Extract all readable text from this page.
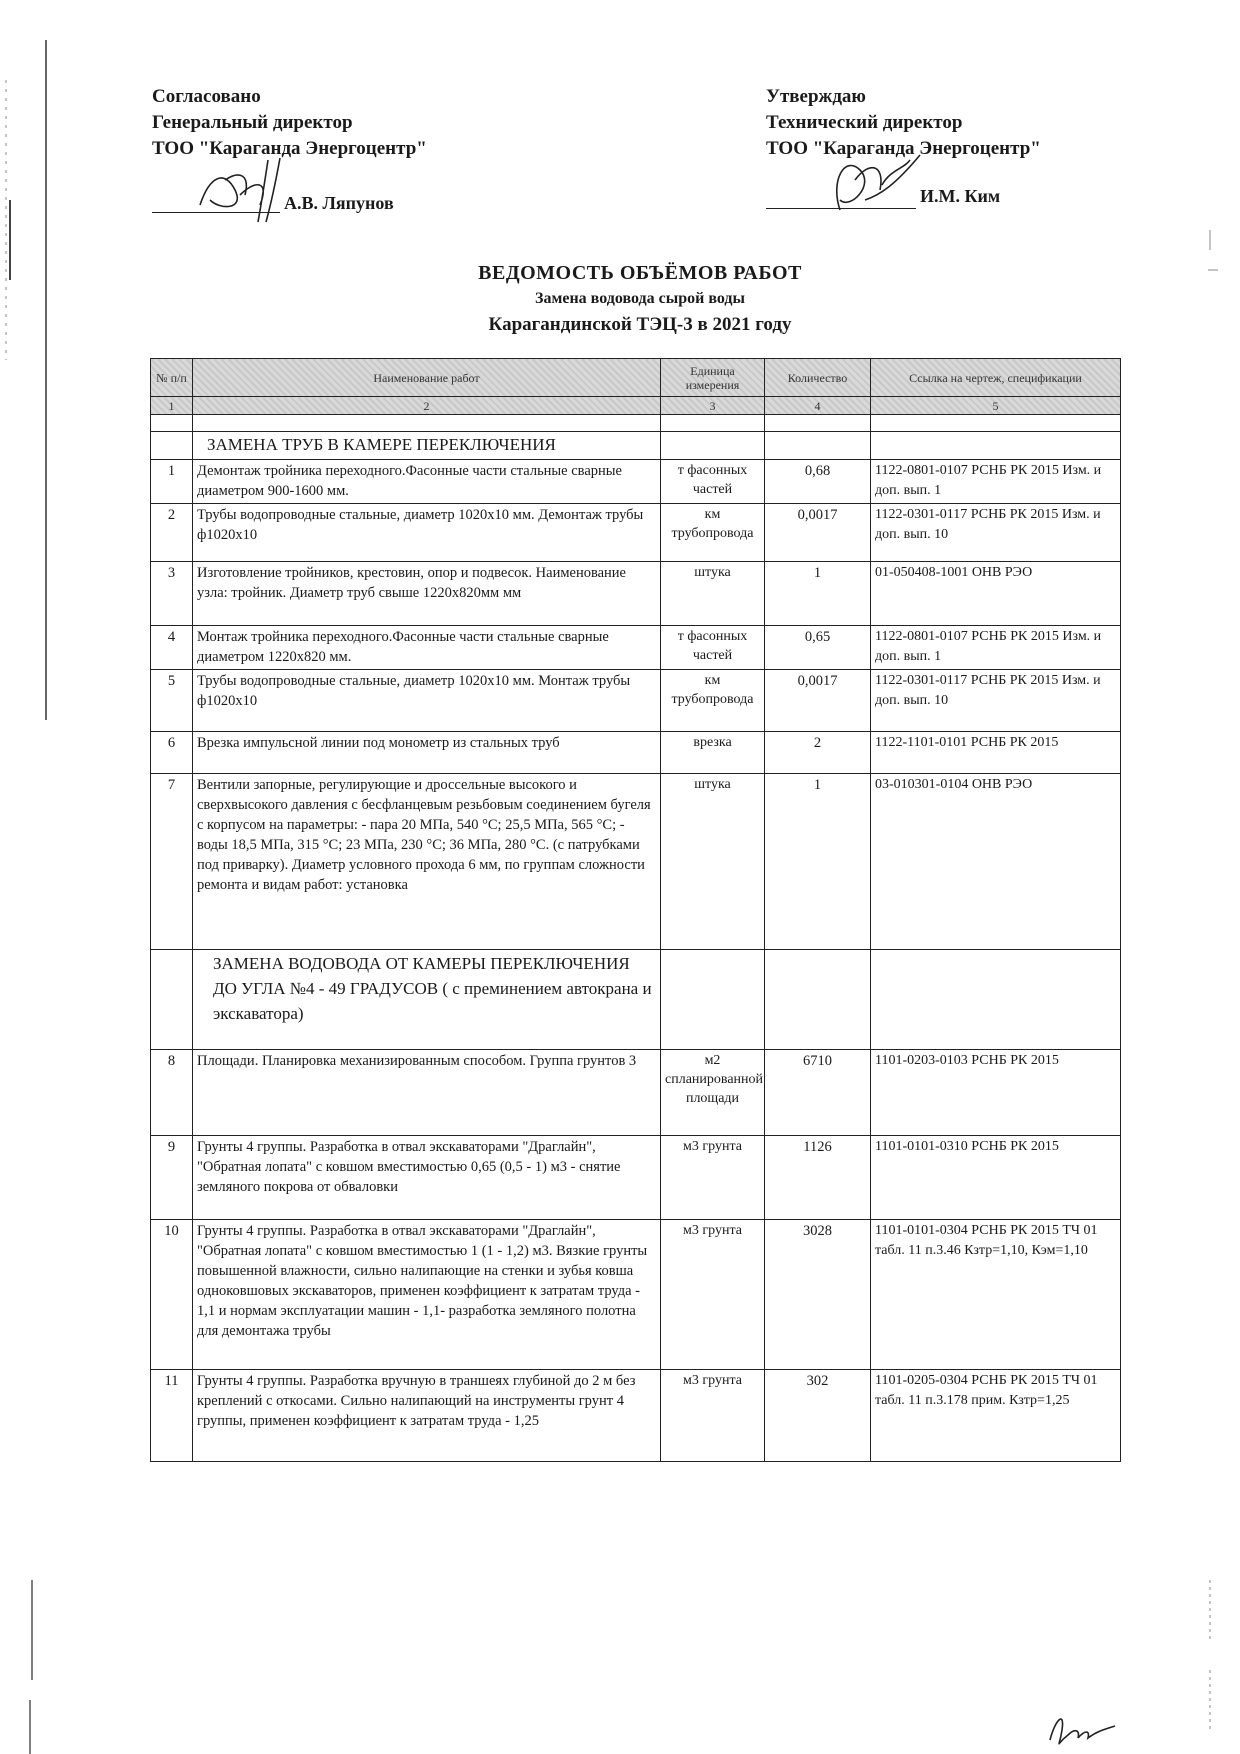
Согласовано
Генеральный директор
ТОО "Караганда Энергоцентр"
А.В. Ляпунов
Утверждаю
Технический директор
ТОО "Караганда Энергоцентр"
И.М. Ким
ВЕДОМОСТЬ ОБЪЁМОВ РАБОТ
Замена водовода сырой воды
Карагандинской ТЭЦ-3 в 2021 году
№ п/п	Наименование работ	Единица измерения	Количество	Ссылка на чертеж, спецификации
1	2	3	4	5

	ЗАМЕНА ТРУБ В КАМЕРЕ ПЕРЕКЛЮЧЕНИЯ			
1	Демонтаж тройника переходного.Фасонные части стальные сварные диаметром 900-1600 мм.	т фасонных частей	0,68	1122-0801-0107 РСНБ РК 2015 Изм. и доп. вып. 1
2	Трубы водопроводные стальные, диаметр 1020х10 мм. Демонтаж трубы ф1020х10	км трубопровода	0,0017	1122-0301-0117 РСНБ РК 2015 Изм. и доп. вып. 10
3	Изготовление тройников, крестовин, опор и подвесок. Наименование узла: тройник. Диаметр труб свыше 1220х820мм мм	штука	1	01-050408-1001 ОНВ РЭО
4	Монтаж тройника переходного.Фасонные части стальные сварные диаметром 1220х820 мм.	т фасонных частей	0,65	1122-0801-0107 РСНБ РК 2015 Изм. и доп. вып. 1
5	Трубы водопроводные стальные, диаметр 1020х10 мм. Монтаж трубы ф1020х10	км трубопровода	0,0017	1122-0301-0117 РСНБ РК 2015 Изм. и доп. вып. 10
6	Врезка импульсной линии под монометр из стальных труб	врезка	2	1122-1101-0101 РСНБ РК 2015
7	Вентили запорные, регулирующие и дроссельные высокого и сверхвысокого давления с бесфланцевым резьбовым соединением бугеля с корпусом на параметры: - пара 20 МПа, 540 °С; 25,5 МПа, 565 °С; - воды 18,5 МПа, 315 °С; 23 МПа, 230 °С; 36 МПа, 280 °С. (с патрубками под приварку). Диаметр условного прохода 6 мм, по группам сложности ремонта и видам работ: установка	штука	1	03-010301-0104 ОНВ РЭО
	ЗАМЕНА ВОДОВОДА ОТ КАМЕРЫ ПЕРЕКЛЮЧЕНИЯ ДО УГЛА №4 - 49 ГРАДУСОВ ( с преминением автокрана и экскаватора)			
8	Площади. Планировка механизированным способом. Группа грунтов 3	м2 спланированной площади	6710	1101-0203-0103 РСНБ РК 2015
9	Грунты 4 группы. Разработка в отвал экскаваторами "Драглайн", "Обратная лопата" с ковшом вместимостью 0,65 (0,5 - 1) м3 - снятие земляного покрова от обваловки	м3 грунта	1126	1101-0101-0310 РСНБ РК 2015
10	Грунты 4 группы. Разработка в отвал экскаваторами "Драглайн", "Обратная лопата" с ковшом вместимостью 1 (1 - 1,2) м3. Вязкие грунты повышенной влажности, сильно налипающие на стенки и зубья ковша одноковшовых экскаваторов, применен коэффициент к затратам труда - 1,1 и нормам эксплуатации машин - 1,1- разработка земляного полотна для демонтажа трубы	м3 грунта	3028	1101-0101-0304 РСНБ РК 2015 ТЧ 01 табл. 11 п.3.46 Кзтр=1,10, Кэм=1,10
11	Грунты 4 группы. Разработка вручную в траншеях глубиной до 2 м без креплений с откосами. Сильно налипающий на инструменты грунт 4 группы, применен коэффициент к затратам труда - 1,25	м3 грунта	302	1101-0205-0304 РСНБ РК 2015 ТЧ 01 табл. 11 п.3.178 прим. Кзтр=1,25
